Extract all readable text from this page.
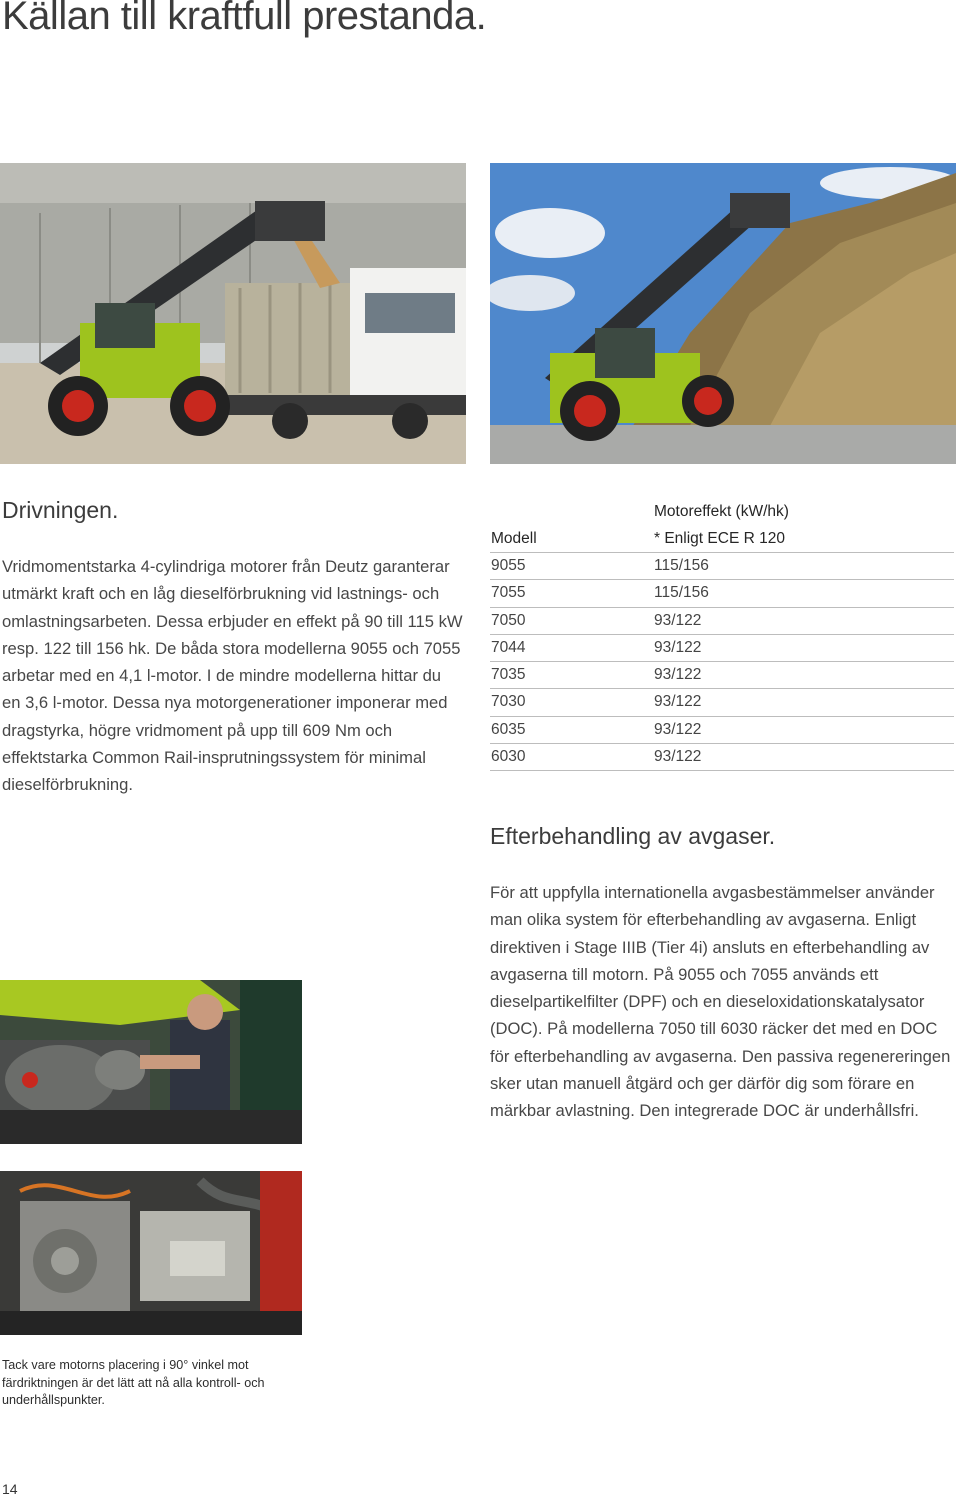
Källan till kraftfull prestanda.
Drivningen.
Vridmomentstarka 4-cylindriga motorer från Deutz garanterar utmärkt kraft och en låg dieselförbrukning vid lastnings- och omlastningsarbeten. Dessa erbjuder en effekt på 90 till 115 kW resp. 122 till 156 hk. De båda stora modellerna 9055 och 7055 arbetar med en 4,1 l-motor. I de mindre modellerna hittar du en 3,6 l-motor. Dessa nya motorgenerationer imponerar med dragstyrka, högre vridmoment på upp till 609 Nm och effektstarka Common Rail-insprutningssystem för minimal dieselförbrukning.
Motoreffekt (kW/hk)
Modell	* Enligt ECE R 120
9055	115/156
7055	115/156
7050	93/122
7044	93/122
7035	93/122
7030	93/122
6035	93/122
6030	93/122
Efterbehandling av avgaser.
För att uppfylla internationella avgasbestämmelser använder man olika system för efterbehandling av avgaserna. Enligt direktiven i Stage IIIB (Tier 4i) ansluts en efterbehandling av avgaserna till motorn. På 9055 och 7055 används ett dieselpartikelfilter (DPF) och en dieseloxidationskatalysator (DOC). På modellerna 7050 till 6030 räcker det med en DOC för efterbehandling av avgaserna. Den passiva regenereringen sker utan manuell åtgärd och ger därför dig som förare en märkbar avlastning. Den integrerade DOC är underhållsfri.
Tack vare motorns placering i 90° vinkel mot färdriktningen är det lätt att nå alla kontroll- och underhållspunkter.
14
